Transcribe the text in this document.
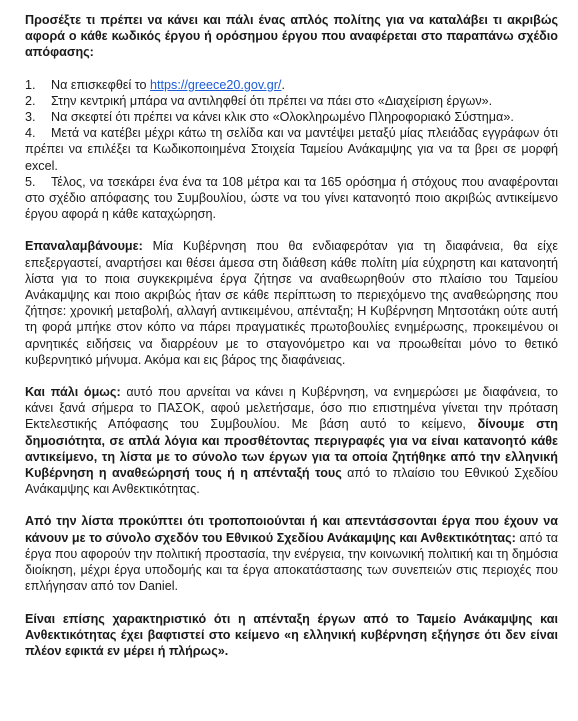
Προσέξτε τι πρέπει να κάνει και πάλι ένας απλός πολίτης για να καταλάβει τι ακριβώς αφορά ο κάθε κωδικός έργου ή ορόσημου έργου που αναφέρεται στο παραπάνω σχέδιο απόφασης:

1. Να επισκεφθεί το https://greece20.gov.gr/.
2. Στην κεντρική μπάρα να αντιληφθεί ότι πρέπει να πάει στο «Διαχείριση έργων».
3. Να σκεφτεί ότι πρέπει να κάνει κλικ στο «Ολοκληρωμένο Πληροφοριακό Σύστημα».
4. Μετά να κατέβει μέχρι κάτω τη σελίδα και να μαντέψει μεταξύ μίας πλειάδας εγγράφων ότι πρέπει να επιλέξει τα Κωδικοποιημένα Στοιχεία Ταμείου Ανάκαμψης για να τα βρει σε μορφή excel.
5. Τέλος, να τσεκάρει ένα ένα τα 108 μέτρα και τα 165 ορόσημα ή στόχους που αναφέρονται στο σχέδιο απόφασης του Συμβουλίου, ώστε να του γίνει κατανοητό ποιο ακριβώς αντικείμενο έργου αφορά η κάθε καταχώρηση.

Επαναλαμβάνουμε: Μία Κυβέρνηση που θα ενδιαφερόταν για τη διαφάνεια, θα είχε επεξεργαστεί, αναρτήσει και θέσει άμεσα στη διάθεση κάθε πολίτη μία εύχρηστη και κατανοητή λίστα για το ποια συγκεκριμένα έργα ζήτησε να αναθεωρηθούν στο πλαίσιο του Ταμείου Ανάκαμψης και ποιο ακριβώς ήταν σε κάθε περίπτωση το περιεχόμενο της αναθεώρησης που ζήτησε: χρονική μεταβολή, αλλαγή αντικειμένου, απένταξη; Η Κυβέρνηση Μητσοτάκη ούτε αυτή τη φορά μπήκε στον κόπο να πάρει πραγματικές πρωτοβουλίες ενημέρωσης, προκειμένου οι αρνητικές ειδήσεις να διαρρέουν με το σταγονόμετρο και να προωθείται μόνο το θετικό κυβερνητικό μήνυμα. Ακόμα και εις βάρος της διαφάνειας.

Και πάλι όμως: αυτό που αρνείται να κάνει η Κυβέρνηση, να ενημερώσει με διαφάνεια, το κάνει ξανά σήμερα το ΠΑΣΟΚ, αφού μελετήσαμε, όσο πιο επιστημένα γίνεται την πρόταση Εκτελεστικής Απόφασης του Συμβουλίου. Με βάση αυτό το κείμενο, δίνουμε στη δημοσιότητα, σε απλά λόγια και προσθέτοντας περιγραφές για να είναι κατανοητό κάθε αντικείμενο, τη λίστα με το σύνολο των έργων για τα οποία ζητήθηκε από την ελληνική Κυβέρνηση η αναθεώρησή τους ή η απένταξή τους από το πλαίσιο του Εθνικού Σχεδίου Ανάκαμψης και Ανθεκτικότητας.

Από την λίστα προκύπτει ότι τροποποιούνται ή και απεντάσσονται έργα που έχουν να κάνουν με το σύνολο σχεδόν του Εθνικού Σχεδίου Ανάκαμψης και Ανθεκτικότητας: από τα έργα που αφορούν την πολιτική προστασία, την ενέργεια, την κοινωνική πολιτική και τη δημόσια διοίκηση, μέχρι έργα υποδομής και τα έργα αποκατάστασης των συνεπειών στις περιοχές που επλήγησαν από τον Daniel.

Είναι επίσης χαρακτηριστικό ότι η απένταξη έργων από το Ταμείο Ανάκαμψης και Ανθεκτικότητας έχει βαφτιστεί στο κείμενο «η ελληνική κυβέρνηση εξήγησε ότι δεν είναι πλέον εφικτά εν μέρει ή πλήρως».
